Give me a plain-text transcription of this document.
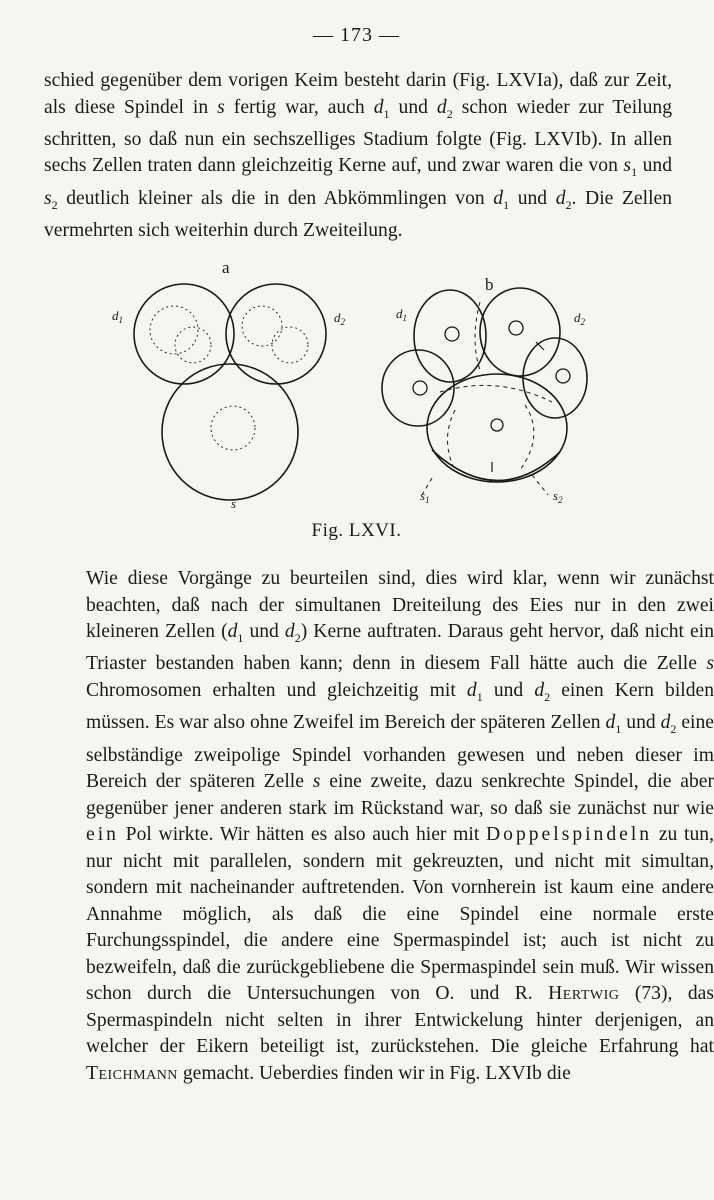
— 173 —

schied gegenüber dem vorigen Keim besteht darin (Fig. LXVIa), daß zur Zeit, als diese Spindel in s fertig war, auch $d_1$ und $d_2$ schon wieder zur Teilung schritten, so daß nun ein sechszelliges Stadium folgte (Fig. LXVIb). In allen sechs Zellen traten dann gleichzeitig Kerne auf, und zwar waren die von $s_1$ und $s_2$ deutlich kleiner als die in den Abkömmlingen von $d_1$ und $d_2$. Die Zellen vermehrten sich weiterhin durch Zweiteilung.

a
b
$d_1$	$d_2$
s
$d_1$	$d_2$
$s_1$	$s_2$
Fig. LXVI.

Wie diese Vorgänge zu beurteilen sind, dies wird klar, wenn wir zunächst beachten, daß nach der simultanen Dreiteilung des Eies nur in den zwei kleineren Zellen ($d_1$ und $d_2$) Kerne auftraten. Daraus geht hervor, daß nicht ein Triaster bestanden haben kann; denn in diesem Fall hätte auch die Zelle s Chromosomen erhalten und gleichzeitig mit $d_1$ und $d_2$ einen Kern bilden müssen. Es war also ohne Zweifel im Bereich der späteren Zellen $d_1$ und $d_2$ eine selbständige zweipolige Spindel vorhanden gewesen und neben dieser im Bereich der späteren Zelle s eine zweite, dazu senkrechte Spindel, die aber gegenüber jener anderen stark im Rückstand war, so daß sie zunächst nur wie ein Pol wirkte. Wir hätten es also auch hier mit Doppelspindeln zu tun, nur nicht mit parallelen, sondern mit gekreuzten, und nicht mit simultan, sondern mit nacheinander auftretenden. Von vornherein ist kaum eine andere Annahme möglich, als daß die eine Spindel eine normale erste Furchungsspindel, die andere eine Spermaspindel ist; auch ist nicht zu bezweifeln, daß die zurückgebliebene die Spermaspindel sein muß. Wir wissen schon durch die Untersuchungen von O. und R. Hertwig (73), das Spermaspindeln nicht selten in ihrer Entwickelung hinter derjenigen, an welcher der Eikern beteiligt ist, zurückstehen. Die gleiche Erfahrung hat Teichmann gemacht. Ueberdies finden wir in Fig. LXVIb die
